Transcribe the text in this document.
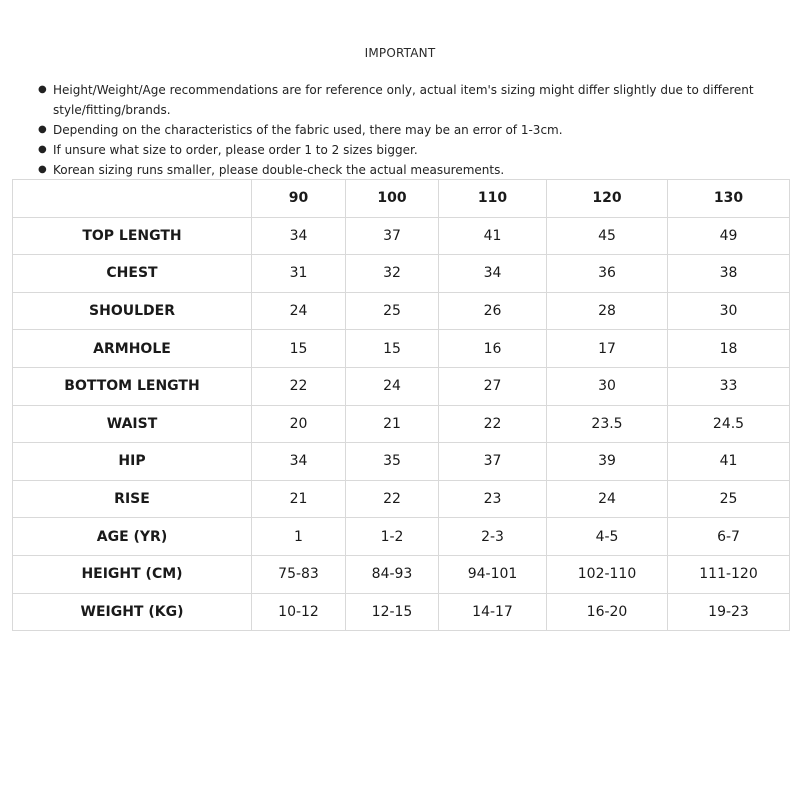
IMPORTANT
● Height/Weight/Age recommendations are for reference only, actual item's sizing might differ slightly due to different style/fitting/brands.
● Depending on the characteristics of the fabric used, there may be an error of 1-3cm.
● If unsure what size to order, please order 1 to 2 sizes bigger.
● Korean sizing runs smaller, please double-check the actual measurements.
	90	100	110	120	130
TOP LENGTH	34	37	41	45	49
CHEST	31	32	34	36	38
SHOULDER	24	25	26	28	30
ARMHOLE	15	15	16	17	18
BOTTOM LENGTH	22	24	27	30	33
WAIST	20	21	22	23.5	24.5
HIP	34	35	37	39	41
RISE	21	22	23	24	25
AGE (YR)	1	1-2	2-3	4-5	6-7
HEIGHT (CM)	75-83	84-93	94-101	102-110	111-120
WEIGHT (KG)	10-12	12-15	14-17	16-20	19-23
